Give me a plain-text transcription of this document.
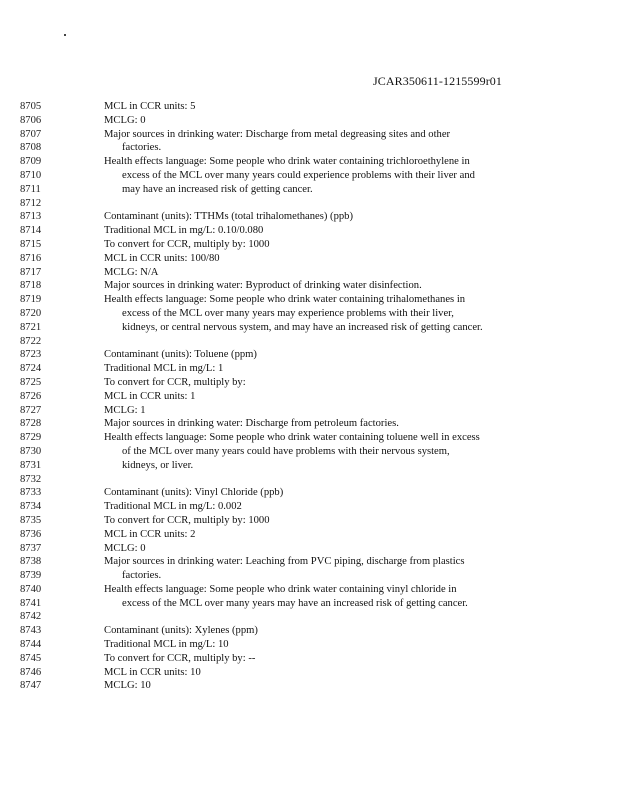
JCAR350611-1215599r01
8705	MCL in CCR units: 5
8706	MCLG: 0
8707	Major sources in drinking water: Discharge from metal degreasing sites and other
8708	factories.
8709	Health effects language: Some people who drink water containing trichloroethylene in
8710	excess of the MCL over many years could experience problems with their liver and
8711	may have an increased risk of getting cancer.
8712
8713	Contaminant (units): TTHMs (total trihalomethanes) (ppb)
8714	Traditional MCL in mg/L: 0.10/0.080
8715	To convert for CCR, multiply by: 1000
8716	MCL in CCR units: 100/80
8717	MCLG: N/A
8718	Major sources in drinking water: Byproduct of drinking water disinfection.
8719	Health effects language: Some people who drink water containing trihalomethanes in
8720	excess of the MCL over many years may experience problems with their liver,
8721	kidneys, or central nervous system, and may have an increased risk of getting cancer.
8722
8723	Contaminant (units): Toluene (ppm)
8724	Traditional MCL in mg/L: 1
8725	To convert for CCR, multiply by:
8726	MCL in CCR units: 1
8727	MCLG: 1
8728	Major sources in drinking water: Discharge from petroleum factories.
8729	Health effects language: Some people who drink water containing toluene well in excess
8730	of the MCL over many years could have problems with their nervous system,
8731	kidneys, or liver.
8732
8733	Contaminant (units): Vinyl Chloride (ppb)
8734	Traditional MCL in mg/L: 0.002
8735	To convert for CCR, multiply by: 1000
8736	MCL in CCR units: 2
8737	MCLG: 0
8738	Major sources in drinking water: Leaching from PVC piping, discharge from plastics
8739	factories.
8740	Health effects language: Some people who drink water containing vinyl chloride in
8741	excess of the MCL over many years may have an increased risk of getting cancer.
8742
8743	Contaminant (units): Xylenes (ppm)
8744	Traditional MCL in mg/L: 10
8745	To convert for CCR, multiply by: --
8746	MCL in CCR units: 10
8747	MCLG: 10
